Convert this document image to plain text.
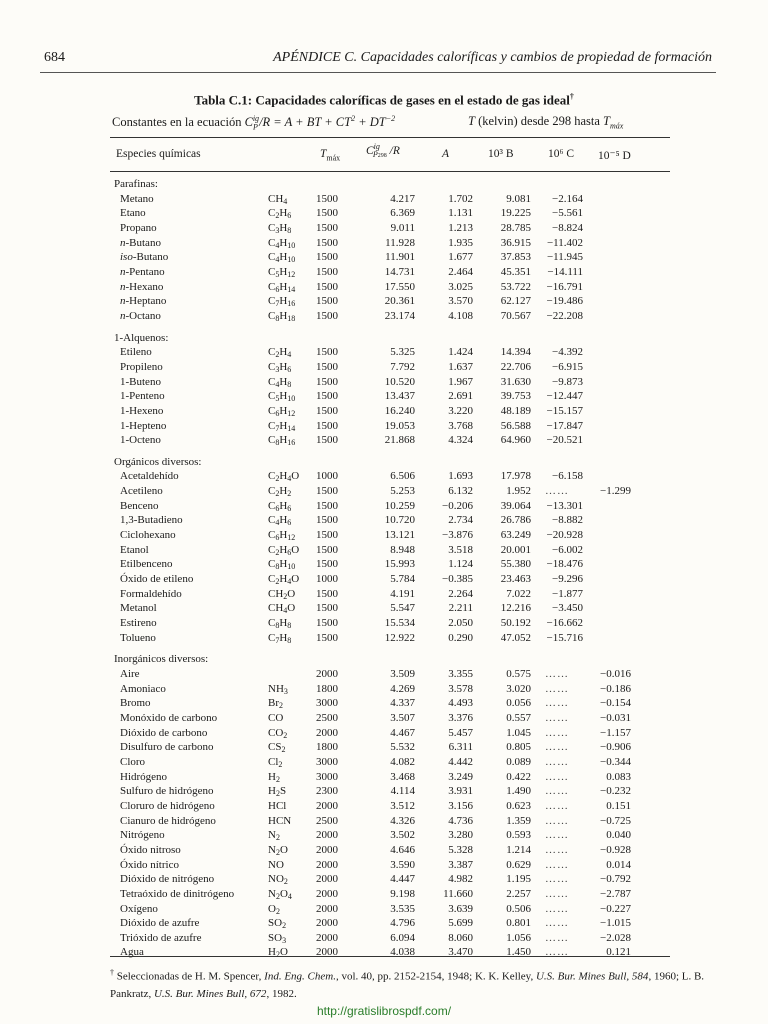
684	APÉNDICE C. Capacidades caloríficas y cambios de propiedad de formación
Tabla C.1: Capacidades caloríficas de gases en el estado de gas ideal†
Constantes en la ecuación $C_P^{ig}/R = A$ + BT + $CT^2 + DT^{-2}$	T (kelvin) desde 298 hasta $T_{máx}$
Especies químicas	$T_{máx}$
$C^{ig}_{P298}$ /R	A	10³ B	10⁶ C 10⁻⁵ D
Parafinas:							
Metano	$CH_4$	1500	4.217	1.702	9.081	−2.164	
Etano	$C_2H_6$	1500	6.369	1.131	19.225	−5.561	
Propano	$C_3H_8$	1500	9.011	1.213	28.785	−8.824	
n-Butano	$C_4H_{10}$	1500	11.928	1.935	36.915	−11.402	
iso-Butano	$C_4H_{10}$	1500	11.901	1.677	37.853	−11.945	
n-Pentano	$C_5H_{12}$	1500	14.731	2.464	45.351	−14.111	
n-Hexano	$C_6H_{14}$	1500	17.550	3.025	53.722	−16.791	
n-Heptano	$C_7H_{16}$	1500	20.361	3.570	62.127	−19.486	
n-Octano	$C_8H_{18}$	1500	23.174	4.108	70.567	−22.208	

1-Alquenos:							
Etileno	$C_2H_4$	1500	5.325	1.424	14.394	−4.392	
Propileno	$C_3H_6$	1500	7.792	1.637	22.706	−6.915	
1-Buteno	$C_4H_8$	1500	10.520	1.967	31.630	−9.873	
1-Penteno	$C_5H_{10}$	1500	13.437	2.691	39.753	−12.447	
1-Hexeno	$C_6H_{12}$	1500	16.240	3.220	48.189	−15.157	
1-Hepteno	$C_7H_{14}$	1500	19.053	3.768	56.588	−17.847	
1-Octeno	$C_8H_{16}$	1500	21.868	4.324	64.960	−20.521	

Orgánicos diversos:							
Acetaldehído	$C_2H_4O$	1000	6.506	1.693	17.978	−6.158	
Acetileno	$C_2H_2$	1500	5.253	6.132	1.952	……	−1.299
Benceno	$C_6H_6$	1500	10.259	−0.206	39.064	−13.301	
1,3-Butadieno	$C_4H_6$	1500	10.720	2.734	26.786	−8.882	
Ciclohexano	$C_6H_{12}$	1500	13.121	−3.876	63.249	−20.928	
Etanol	$C_2H_6O$	1500	8.948	3.518	20.001	−6.002	
Etilbenceno	$C_8H_{10}$	1500	15.993	1.124	55.380	−18.476	
Óxido de etileno	$C_2H_4O$	1000	5.784	−0.385	23.463	−9.296	
Formaldehído	$CH_2O$	1500	4.191	2.264	7.022	−1.877	
Metanol	$CH_4O$	1500	5.547	2.211	12.216	−3.450	
Estireno	$C_8H_8$	1500	15.534	2.050	50.192	−16.662	
Tolueno	$C_7H_8$	1500	12.922	0.290	47.052	−15.716	

Inorgánicos diversos:							
Aire		2000	3.509	3.355	0.575	……	−0.016
Amoniaco	$NH_3$	1800	4.269	3.578	3.020	……	−0.186
Bromo	$Br_2$	3000	4.337	4.493	0.056	……	−0.154
Monóxido de carbono	CO	2500	3.507	3.376	0.557	……	−0.031
Dióxido de carbono	$CO_2$	2000	4.467	5.457	1.045	……	−1.157
Disulfuro de carbono	$CS_2$	1800	5.532	6.311	0.805	……	−0.906
Cloro	$Cl_2$	3000	4.082	4.442	0.089	……	−0.344
Hidrógeno	$H_2$	3000	3.468	3.249	0.422	……	0.083
Sulfuro de hidrógeno	$H_2S$	2300	4.114	3.931	1.490	……	−0.232
Cloruro de hidrógeno	HCl	2000	3.512	3.156	0.623	……	0.151
Cianuro de hidrógeno	HCN	2500	4.326	4.736	1.359	……	−0.725
Nitrógeno	$N_2$	2000	3.502	3.280	0.593	……	0.040
Óxido nitroso	$N_2O$	2000	4.646	5.328	1.214	……	−0.928
Óxido nítrico	NO	2000	3.590	3.387	0.629	……	0.014
Dióxido de nitrógeno	$NO_2$	2000	4.447	4.982	1.195	……	−0.792
Tetraóxido de dinitrógeno	$N_2O_4$	2000	9.198	11.660	2.257	……	−2.787
Oxígeno	$O_2$	2000	3.535	3.639	0.506	……	−0.227
Dióxido de azufre	$SO_2$	2000	4.796	5.699	0.801	……	−1.015
Trióxido de azufre	$SO_3$	2000	6.094	8.060	1.056	……	−2.028
Agua	$H_2O$	2000	4.038	3.470	1.450	……	0.121
† Seleccionadas de H. M. Spencer, Ind. Eng. Chem., vol. 40, pp. 2152-2154, 1948; K. K. Kelley, U.S. Bur. Mines Bull, 584, 1960; L. B. Pankratz, U.S. Bur. Mines Bull, 672, 1982.
http://gratislibrospdf.com/
